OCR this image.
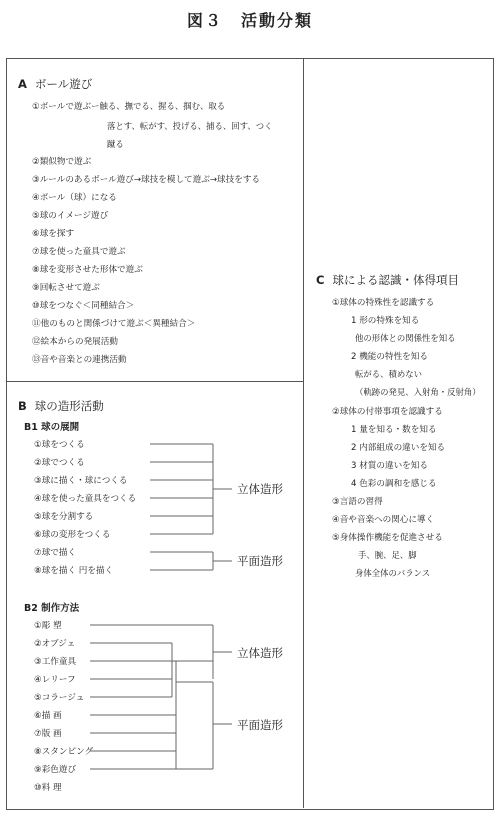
図３　活動分類
A ボール遊び
①ボールで遊ぶー触る、撫でる、握る、掴む、取る
落とす、転がす、投げる、捕る、回す、つく
蹴る
②類似物で遊ぶ
③ルールのあるボール遊び→球技を模して遊ぶ→球技をする
④ボール（球）になる
⑤球のイメージ遊び
⑥球を探す
⑦球を使った童具で遊ぶ
⑧球を変形させた形体で遊ぶ
⑨回転させて遊ぶ
⑩球をつなぐ＜同種結合＞
⑪他のものと関係づけて遊ぶ＜異種結合＞
⑫絵本からの発展活動
⑬音や音楽との連携活動
B 球の造形活動
B1 球の展開
①球をつくる
②球でつくる
③球に描く・球につくる
④球を使った童具をつくる
⑤球を分割する
⑥球の変形をつくる
⑦球で描く
⑧球を描く 円を描く
立体造形
平面造形
B2 制作方法
①彫 塑
②オブジェ
③工作童具
④レリーフ
⑤コラージュ
⑥描 画
⑦版 画
⑧スタンピング
⑨彩色遊び
⑩料 理
立体造形
平面造形
C 球による認識・体得項目
①球体の特殊性を認識する
1 形の特殊を知る
他の形体との関係性を知る
2 機能の特性を知る
転がる、積めない
（軌跡の発見、入射角・反射角）
②球体の付帯事項を認識する
1 量を知る・数を知る
2 内部組成の違いを知る
3 材質の違いを知る
4 色彩の調和を感じる
③言語の習得
④音や音楽への関心に導く
⑤身体操作機能を促進させる
手、腕、足、脚
身体全体のバランス
